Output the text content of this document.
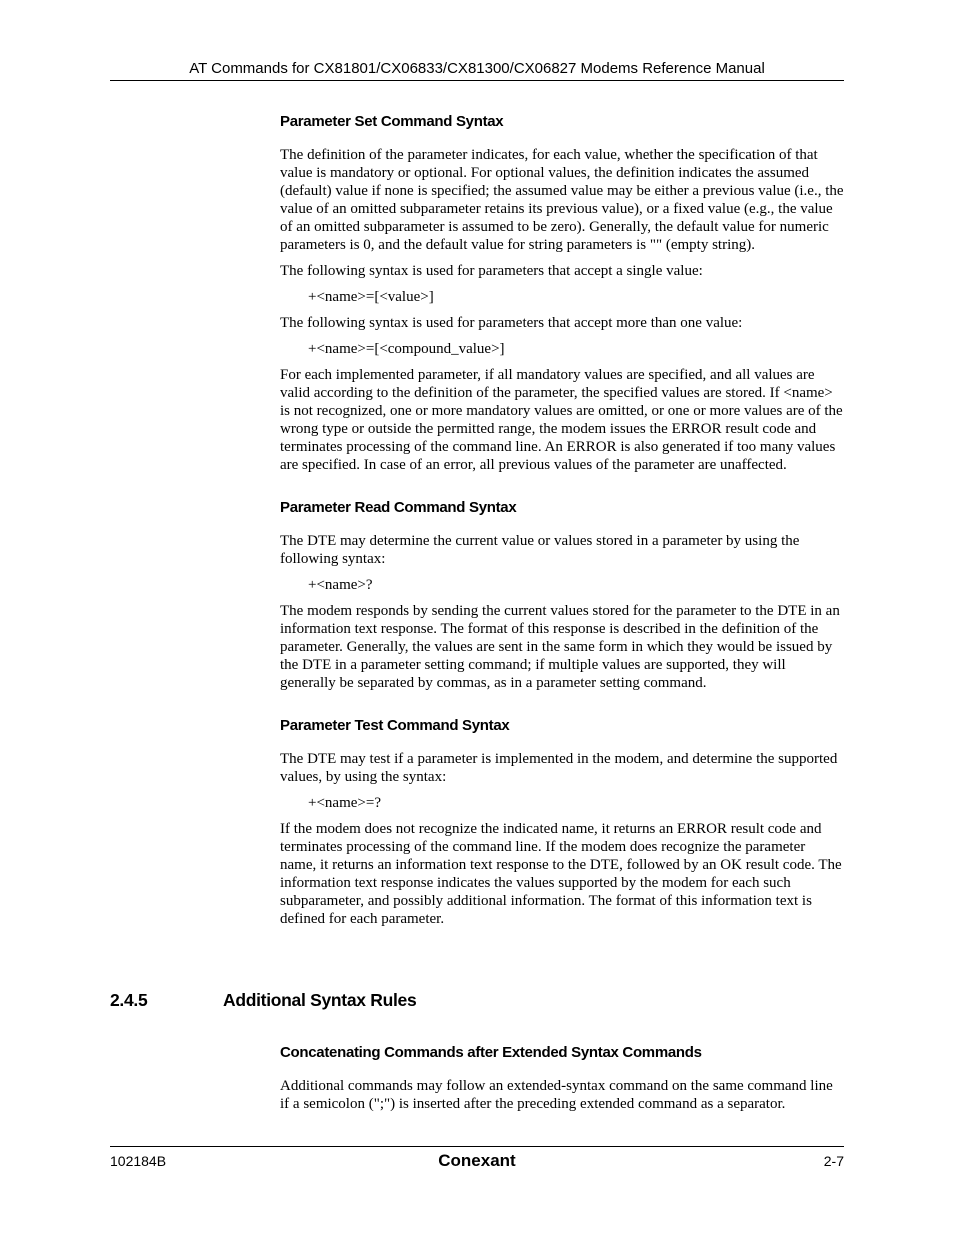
AT Commands for CX81801/CX06833/CX81300/CX06827 Modems Reference Manual
Parameter Set Command Syntax

The definition of the parameter indicates, for each value, whether the specification of that value is mandatory or optional. For optional values, the definition indicates the assumed (default) value if none is specified; the assumed value may be either a previous value (i.e., the value of an omitted subparameter retains its previous value), or a fixed value (e.g., the value of an omitted subparameter is assumed to be zero). Generally, the default value for numeric parameters is 0, and the default value for string parameters is "" (empty string).

The following syntax is used for parameters that accept a single value:

+<name>=[<value>]

The following syntax is used for parameters that accept more than one value:

+<name>=[<compound_value>]

For each implemented parameter, if all mandatory values are specified, and all values are valid according to the definition of the parameter, the specified values are stored. If <name> is not recognized, one or more mandatory values are omitted, or one or more values are of the wrong type or outside the permitted range, the modem issues the ERROR result code and terminates processing of the command line. An ERROR is also generated if too many values are specified. In case of an error, all previous values of the parameter are unaffected.

Parameter Read Command Syntax

The DTE may determine the current value or values stored in a parameter by using the following syntax:

+<name>?

The modem responds by sending the current values stored for the parameter to the DTE in an information text response. The format of this response is described in the definition of the parameter. Generally, the values are sent in the same form in which they would be issued by the DTE in a parameter setting command; if multiple values are supported, they will generally be separated by commas, as in a parameter setting command.

Parameter Test Command Syntax

The DTE may test if a parameter is implemented in the modem, and determine the supported values, by using the syntax:

+<name>=?

If the modem does not recognize the indicated name, it returns an ERROR result code and terminates processing of the command line. If the modem does recognize the parameter name, it returns an information text response to the DTE, followed by an OK result code. The information text response indicates the values supported by the modem for each such subparameter, and possibly additional information. The format of this information text is defined for each parameter.

2.4.5	Additional Syntax Rules
Concatenating Commands after Extended Syntax Commands

Additional commands may follow an extended-syntax command on the same command line if a semicolon (";") is inserted after the preceding extended command as a separator.

102184B	Conexant	2-7
